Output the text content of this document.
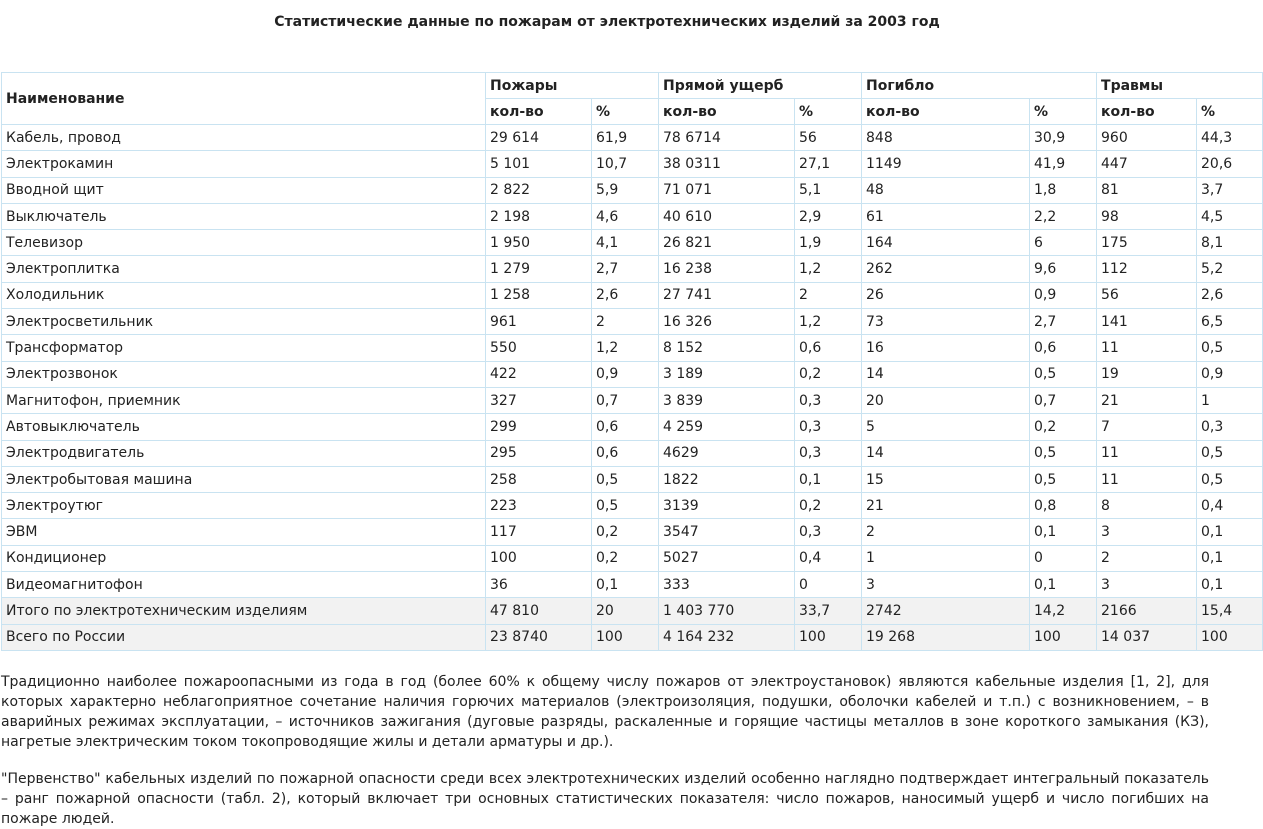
Статистические данные по пожарам от электротехнических изделий за 2003 год
Наименование	Пожары		Прямой ущерб		Погибло		Травмы	
	кол-во	%	кол-во	%	кол-во	%	кол-во	%
Кабель, провод	29 614	61,9	78 6714	56	848	30,9	960	44,3
Электрокамин	5 101	10,7	38 0311	27,1	1149	41,9	447	20,6
Вводной щит	2 822	5,9	71 071	5,1	48	1,8	81	3,7
Выключатель	2 198	4,6	40 610	2,9	61	2,2	98	4,5
Телевизор	1 950	4,1	26 821	1,9	164	6	175	8,1
Электроплитка	1 279	2,7	16 238	1,2	262	9,6	112	5,2
Холодильник	1 258	2,6	27 741	2	26	0,9	56	2,6
Электросветильник	961	2	16 326	1,2	73	2,7	141	6,5
Трансформатор	550	1,2	8 152	0,6	16	0,6	11	0,5
Электрозвонок	422	0,9	3 189	0,2	14	0,5	19	0,9
Магнитофон, приемник	327	0,7	3 839	0,3	20	0,7	21	1
Автовыключатель	299	0,6	4 259	0,3	5	0,2	7	0,3
Электродвигатель	295	0,6	4629	0,3	14	0,5	11	0,5
Электробытовая машина	258	0,5	1822	0,1	15	0,5	11	0,5
Электроутюг	223	0,5	3139	0,2	21	0,8	8	0,4
ЭВМ	117	0,2	3547	0,3	2	0,1	3	0,1
Кондиционер	100	0,2	5027	0,4	1	0	2	0,1
Видеомагнитофон	36	0,1	333	0	3	0,1	3	0,1
Итого по электротехническим изделиям	47 810	20	1 403 770	33,7	2742	14,2	2166	15,4
Всего по России	23 8740	100	4 164 232	100	19 268	100	14 037	100
Традиционно наиболее пожароопасными из года в год (более 60% к общему числу пожаров от электроустановок) являются кабельные изделия [1, 2], для которых характерно неблагоприятное сочетание наличия горючих материалов (электроизоляция, подушки, оболочки кабелей и т.п.) с возникновением, – в аварийных режимах эксплуатации, – источников зажигания (дуговые разряды, раскаленные и горящие частицы металлов в зоне короткого замыкания (КЗ), нагретые электрическим током токопроводящие жилы и детали арматуры и др.).
"Первенство" кабельных изделий по пожарной опасности среди всех электротехнических изделий особенно наглядно подтверждает интегральный показатель – ранг пожарной опасности (табл. 2), который включает три основных статистических показателя: число пожаров, наносимый ущерб и число погибших на пожаре людей.
